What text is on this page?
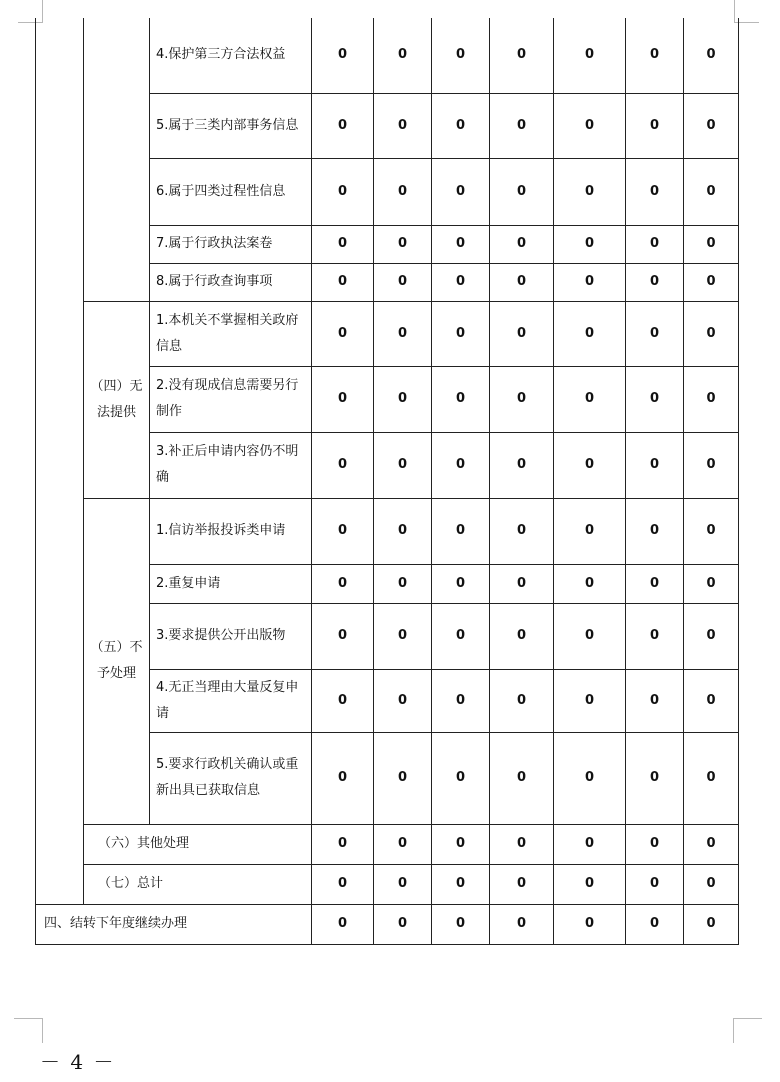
		4.保护第三方合法权益	0	0	0	0	0	0	0
		5.属于三类内部事务信息	0	0	0	0	0	0	0
		6.属于四类过程性信息	0	0	0	0	0	0	0
		7.属于行政执法案卷	0	0	0	0	0	0	0
		8.属于行政查询事项	0	0	0	0	0	0	0
	（四）无法提供	1.本机关不掌握相关政府信息	0	0	0	0	0	0	0
		2.没有现成信息需要另行制作	0	0	0	0	0	0	0
		3.补正后申请内容仍不明确	0	0	0	0	0	0	0
	（五）不予处理	1.信访举报投诉类申请	0	0	0	0	0	0	0
		2.重复申请	0	0	0	0	0	0	0
		3.要求提供公开出版物	0	0	0	0	0	0	0
		4.无正当理由大量反复申请	0	0	0	0	0	0	0
		5.要求行政机关确认或重新出具已获取信息	0	0	0	0	0	0	0
	（六）其他处理		0	0	0	0	0	0	0
	（七）总计		0	0	0	0	0	0	0
四、结转下年度继续办理			0	0	0	0	0	0	0
－ 4 －
